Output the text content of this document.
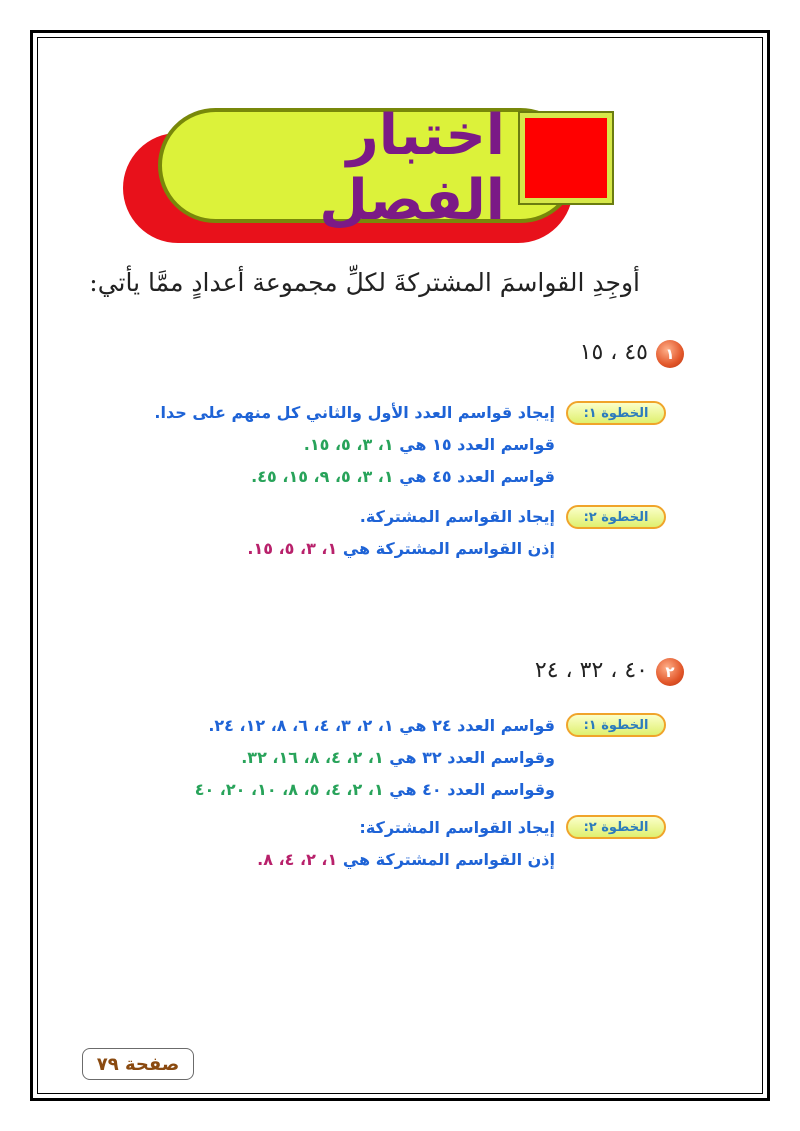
اختبار الفصل
أوجِدِ القواسمَ المشتركةَ لكلِّ مجموعة أعدادٍ ممَّا يأتي:
١
٤٥ ، ١٥
الخطوة ١:
إيجاد قواسم العدد الأول والثاني كل منهم على حدا.
قواسم العدد ١٥ هي ١، ٣، ٥، ١٥.
قواسم العدد ٤٥ هي ١، ٣، ٥، ٩، ١٥، ٤٥.
الخطوة ٢:
إيجاد القواسم المشتركة.
إذن القواسم المشتركة هي ١، ٣، ٥، ١٥.
٢
٤٠ ، ٣٢ ، ٢٤
الخطوة ١:
قواسم العدد ٢٤ هي ١، ٢، ٣، ٤، ٦، ٨، ١٢، ٢٤.
وقواسم العدد ٣٢ هي ١، ٢، ٤، ٨، ١٦، ٣٢.
وقواسم العدد ٤٠ هي ١، ٢، ٤، ٥، ٨، ١٠، ٢٠، ٤٠
الخطوة ٢:
إيجاد القواسم المشتركة:
إذن القواسم المشتركة هي ١، ٢، ٤، ٨.
صفحة ٧٩
